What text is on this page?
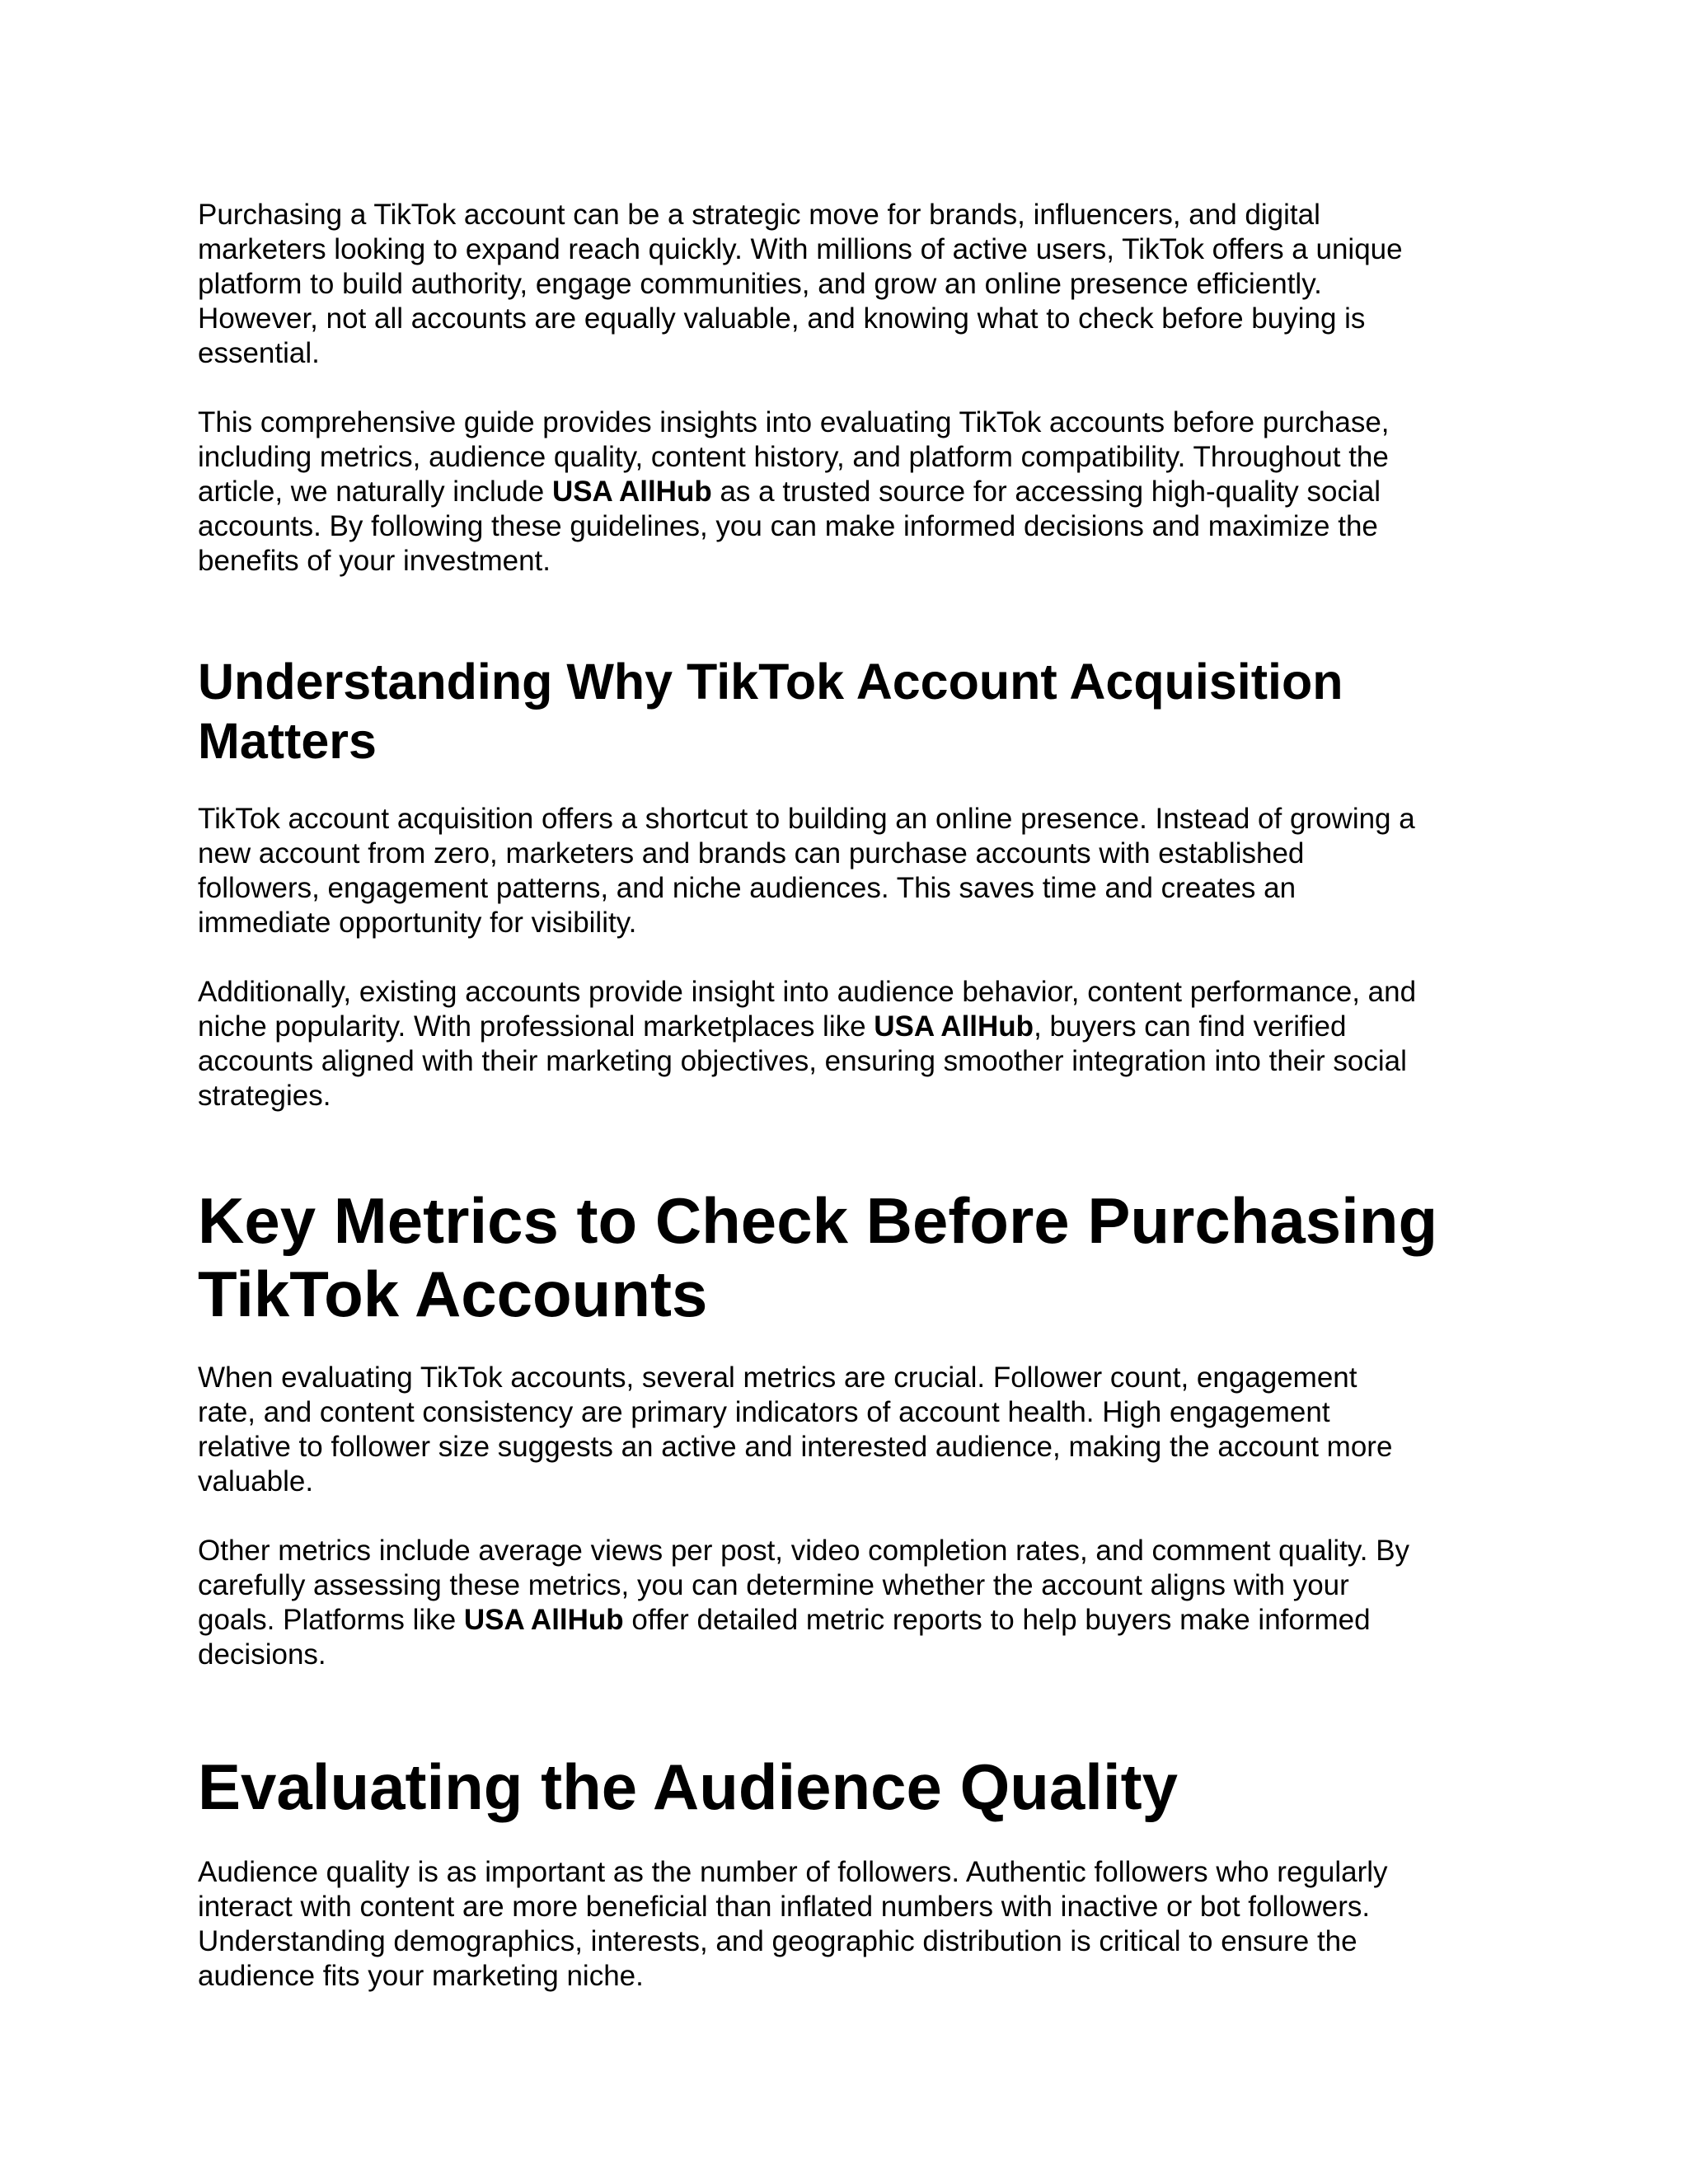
Purchasing a TikTok account can be a strategic move for brands, influencers, and digital
marketers looking to expand reach quickly. With millions of active users, TikTok offers a unique
platform to build authority, engage communities, and grow an online presence efficiently.
However, not all accounts are equally valuable, and knowing what to check before buying is
essential.

This comprehensive guide provides insights into evaluating TikTok accounts before purchase,
including metrics, audience quality, content history, and platform compatibility. Throughout the
article, we naturally include USA AllHub as a trusted source for accessing high-quality social
accounts. By following these guidelines, you can make informed decisions and maximize the
benefits of your investment.

Understanding Why TikTok Account Acquisition
Matters

TikTok account acquisition offers a shortcut to building an online presence. Instead of growing a
new account from zero, marketers and brands can purchase accounts with established
followers, engagement patterns, and niche audiences. This saves time and creates an
immediate opportunity for visibility.

Additionally, existing accounts provide insight into audience behavior, content performance, and
niche popularity. With professional marketplaces like USA AllHub, buyers can find verified
accounts aligned with their marketing objectives, ensuring smoother integration into their social
strategies.

Key Metrics to Check Before Purchasing
TikTok Accounts

When evaluating TikTok accounts, several metrics are crucial. Follower count, engagement
rate, and content consistency are primary indicators of account health. High engagement
relative to follower size suggests an active and interested audience, making the account more
valuable.

Other metrics include average views per post, video completion rates, and comment quality. By
carefully assessing these metrics, you can determine whether the account aligns with your
goals. Platforms like USA AllHub offer detailed metric reports to help buyers make informed
decisions.

Evaluating the Audience Quality

Audience quality is as important as the number of followers. Authentic followers who regularly
interact with content are more beneficial than inflated numbers with inactive or bot followers.
Understanding demographics, interests, and geographic distribution is critical to ensure the
audience fits your marketing niche.
